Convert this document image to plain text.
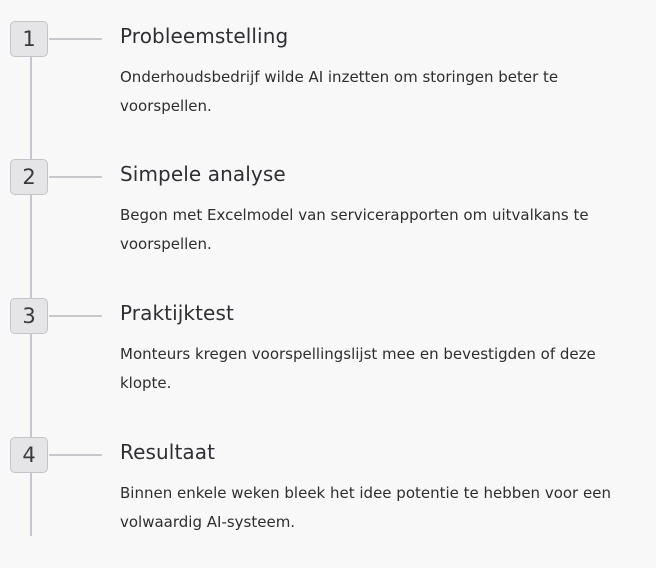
1	Probleemstelling
Onderhoudsbedrijf wilde AI inzetten om storingen beter te voorspellen.
2	Simpele analyse
Begon met Excelmodel van servicerapporten om uitvalkans te voorspellen.
3	Praktijktest
Monteurs kregen voorspellingslijst mee en bevestigden of deze klopte.
4	Resultaat
Binnen enkele weken bleek het idee potentie te hebben voor een volwaardig AI-systeem.
